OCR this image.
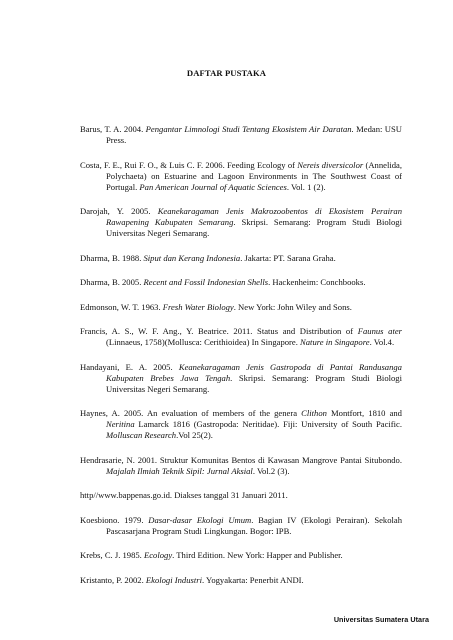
DAFTAR PUSTAKA

Barus, T. A. 2004. Pengantar Limnologi Studi Tentang Ekosistem Air Daratan. Medan: USU Press.

Costa, F. E., Rui F. O., & Luis C. F. 2006. Feeding Ecology of Nereis diversicolor (Annelida, Polychaeta) on Estuarine and Lagoon Environments in The Southwest Coast of Portugal. Pan American Journal of Aquatic Sciences. Vol. 1 (2).

Darojah, Y. 2005. Keanekaragaman Jenis Makrozoobentos di Ekosistem Perairan Rawapening Kabupaten Semarang. Skripsi. Semarang: Program Studi Biologi Universitas Negeri Semarang.

Dharma, B. 1988. Siput dan Kerang Indonesia. Jakarta: PT. Sarana Graha.

Dharma, B. 2005. Recent and Fossil Indonesian Shells. Hackenheim: Conchbooks.

Edmonson, W. T. 1963. Fresh Water Biology. New York: John Wiley and Sons.

Francis, A. S., W. F. Ang., Y. Beatrice. 2011. Status and Distribution of Faunus ater (Linnaeus, 1758)(Mollusca: Cerithioidea) In Singapore. Nature in Singapore. Vol.4.

Handayani, E. A. 2005. Keanekaragaman Jenis Gastropoda di Pantai Randusanga Kabupaten Brebes Jawa Tengah. Skripsi. Semarang: Program Studi Biologi Universitas Negeri Semarang.

Haynes, A. 2005. An evaluation of members of the genera Clithon Montfort, 1810 and Neritina Lamarck 1816 (Gastropoda: Neritidae). Fiji: University of South Pacific. Molluscan Research.Vol 25(2).

Hendrasarie, N. 2001. Struktur Komunitas Bentos di Kawasan Mangrove Pantai Situbondo. Majalah Ilmiah Teknik Sipil: Jurnal Aksial. Vol.2 (3).

http//www.bappenas.go.id. Diakses tanggal 31 Januari 2011.

Koesbiono. 1979. Dasar-dasar Ekologi Umum. Bagian IV (Ekologi Perairan). Sekolah Pascasarjana Program Studi Lingkungan. Bogor: IPB.

Krebs, C. J. 1985. Ecology. Third Edition. New York: Happer and Publisher.

Kristanto, P. 2002. Ekologi Industri. Yogyakarta: Penerbit ANDI.

Universitas Sumatera Utara
